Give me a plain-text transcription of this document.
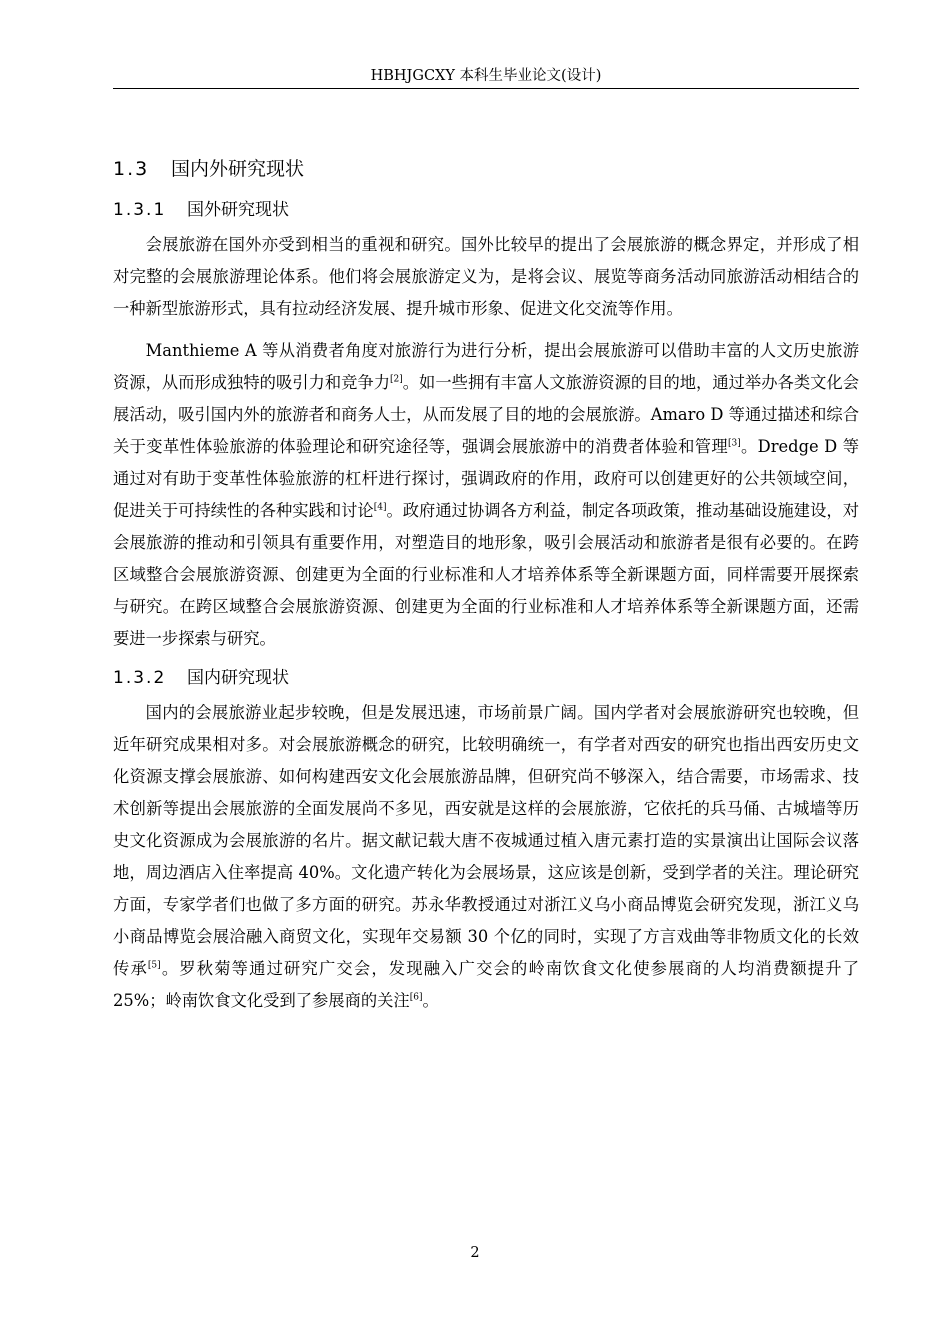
HBHJGCXY 本科生毕业论文(设计)
1.3 国内外研究现状
1.3.1 国外研究现状

会展旅游在国外亦受到相当的重视和研究。国外比较早的提出了会展旅游的概念界定，并形成了相对完整的会展旅游理论体系。他们将会展旅游定义为，是将会议、展览等商务活动同旅游活动相结合的一种新型旅游形式，具有拉动经济发展、提升城市形象、促进文化交流等作用。

Manthieme A 等从消费者角度对旅游行为进行分析，提出会展旅游可以借助丰富的人文历史旅游资源，从而形成独特的吸引力和竞争力[2]。如一些拥有丰富人文旅游资源的目的地，通过举办各类文化会展活动，吸引国内外的旅游者和商务人士，从而发展了目的地的会展旅游。Amaro D 等通过描述和综合关于变革性体验旅游的体验理论和研究途径等，强调会展旅游中的消费者体验和管理[3]。Dredge D 等通过对有助于变革性体验旅游的杠杆进行探讨，强调政府的作用，政府可以创建更好的公共领域空间，促进关于可持续性的各种实践和讨论[4]。政府通过协调各方利益，制定各项政策，推动基础设施建设，对会展旅游的推动和引领具有重要作用，对塑造目的地形象，吸引会展活动和旅游者是很有必要的。在跨区域整合会展旅游资源、创建更为全面的行业标准和人才培养体系等全新课题方面，同样需要开展探索与研究。在跨区域整合会展旅游资源、创建更为全面的行业标准和人才培养体系等全新课题方面，还需要进一步探索与研究。

1.3.2 国内研究现状

国内的会展旅游业起步较晚，但是发展迅速，市场前景广阔。国内学者对会展旅游研究也较晚，但近年研究成果相对多。对会展旅游概念的研究，比较明确统一，有学者对西安的研究也指出西安历史文化资源支撑会展旅游、如何构建西安文化会展旅游品牌，但研究尚不够深入，结合需要，市场需求、技术创新等提出会展旅游的全面发展尚不多见，西安就是这样的会展旅游，它依托的兵马俑、古城墙等历史文化资源成为会展旅游的名片。据文献记载大唐不夜城通过植入唐元素打造的实景演出让国际会议落地，周边酒店入住率提高 40%。文化遗产转化为会展场景，这应该是创新，受到学者的关注。理论研究方面，专家学者们也做了多方面的研究。苏永华教授通过对浙江义乌小商品博览会研究发现，浙江义乌小商品博览会展洽融入商贸文化，实现年交易额 30 个亿的同时，实现了方言戏曲等非物质文化的长效传承[5]。罗秋菊等通过研究广交会，发现融入广交会的岭南饮食文化使参展商的人均消费额提升了 25%；岭南饮食文化受到了参展商的关注[6]。

2
